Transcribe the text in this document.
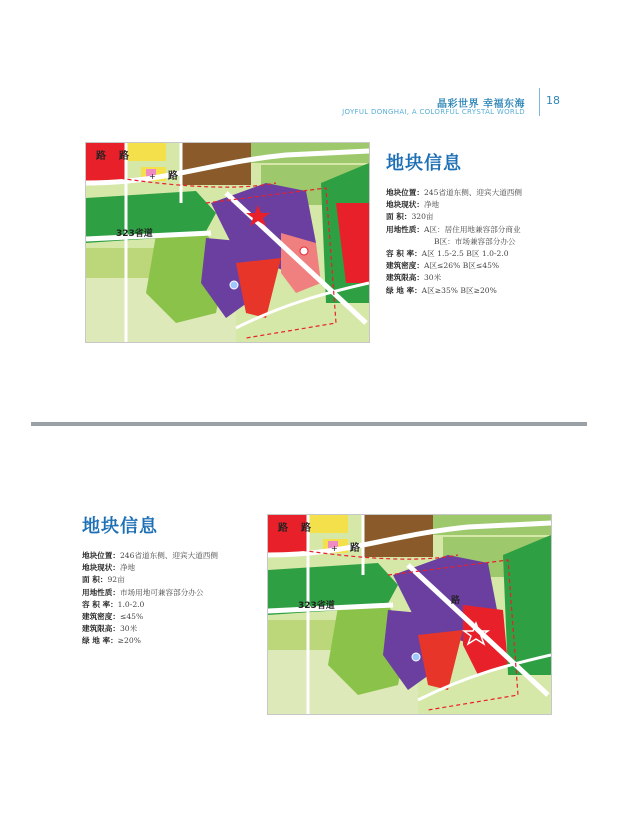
晶彩世界 幸福东海
JOYFUL DONGHAI, A COLORFUL CRYSTAL WORLD
18
路 路
路
323省道
+
地块信息
地块位置：245省道东侧、迎宾大道西侧
地块现状：净地
面 积：320亩
用地性质：A区：居住用地兼容部分商业
B区：市场兼容部分办公
容 积 率：A区 1.5-2.5 B区 1.0-2.0
建筑密度：A区≤26% B区≤45%
建筑限高：30米
绿 地 率：A区≥35% B区≥20%
地块信息
地块位置：246省道东侧、迎宾大道西侧
地块现状：净地
面 积：92亩
用地性质：市场用地可兼容部分办公
容 积 率：1.0-2.0
建筑密度：≤45%
建筑限高：30米
绿 地 率：≥20%
路 路
路
路
323省道
+
